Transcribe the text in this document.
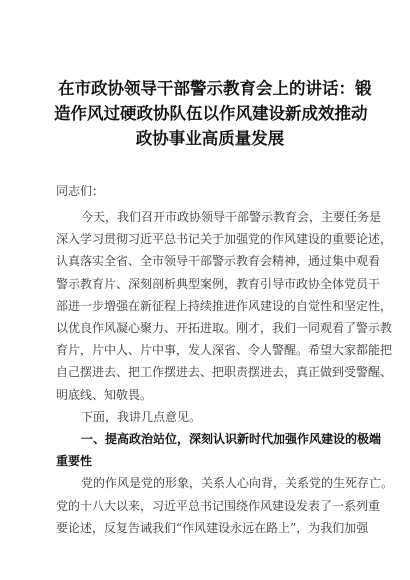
在市政协领导干部警示教育会上的讲话：锻
造作风过硬政协队伍以作风建设新成效推动
政协事业高质量发展
同志们：

今天，我们召开市政协领导干部警示教育会，主要任务是
深入学习贯彻习近平总书记关于加强党的作风建设的重要论述，
认真落实全省、全市领导干部警示教育会精神，通过集中观看
警示教育片、深刻剖析典型案例，教育引导市政协全体党员干
部进一步增强在新征程上持续推进作风建设的自觉性和坚定性，
以优良作风凝心聚力、开拓进取。刚才，我们一同观看了警示教
育片，片中人、片中事，发人深省、令人警醒。希望大家都能把
自己摆进去、把工作摆进去、把职责摆进去，真正做到受警醒、
明底线、知敬畏。

下面，我讲几点意见。

一、提高政治站位，深刻认识新时代加强作风建设的极端
重要性

党的作风是党的形象，关系人心向背，关系党的生死存亡。
党的十八大以来，习近平总书记围绕作风建设发表了一系列重
要论述，反复告诫我们“作风建设永远在路上”，为我们加强
